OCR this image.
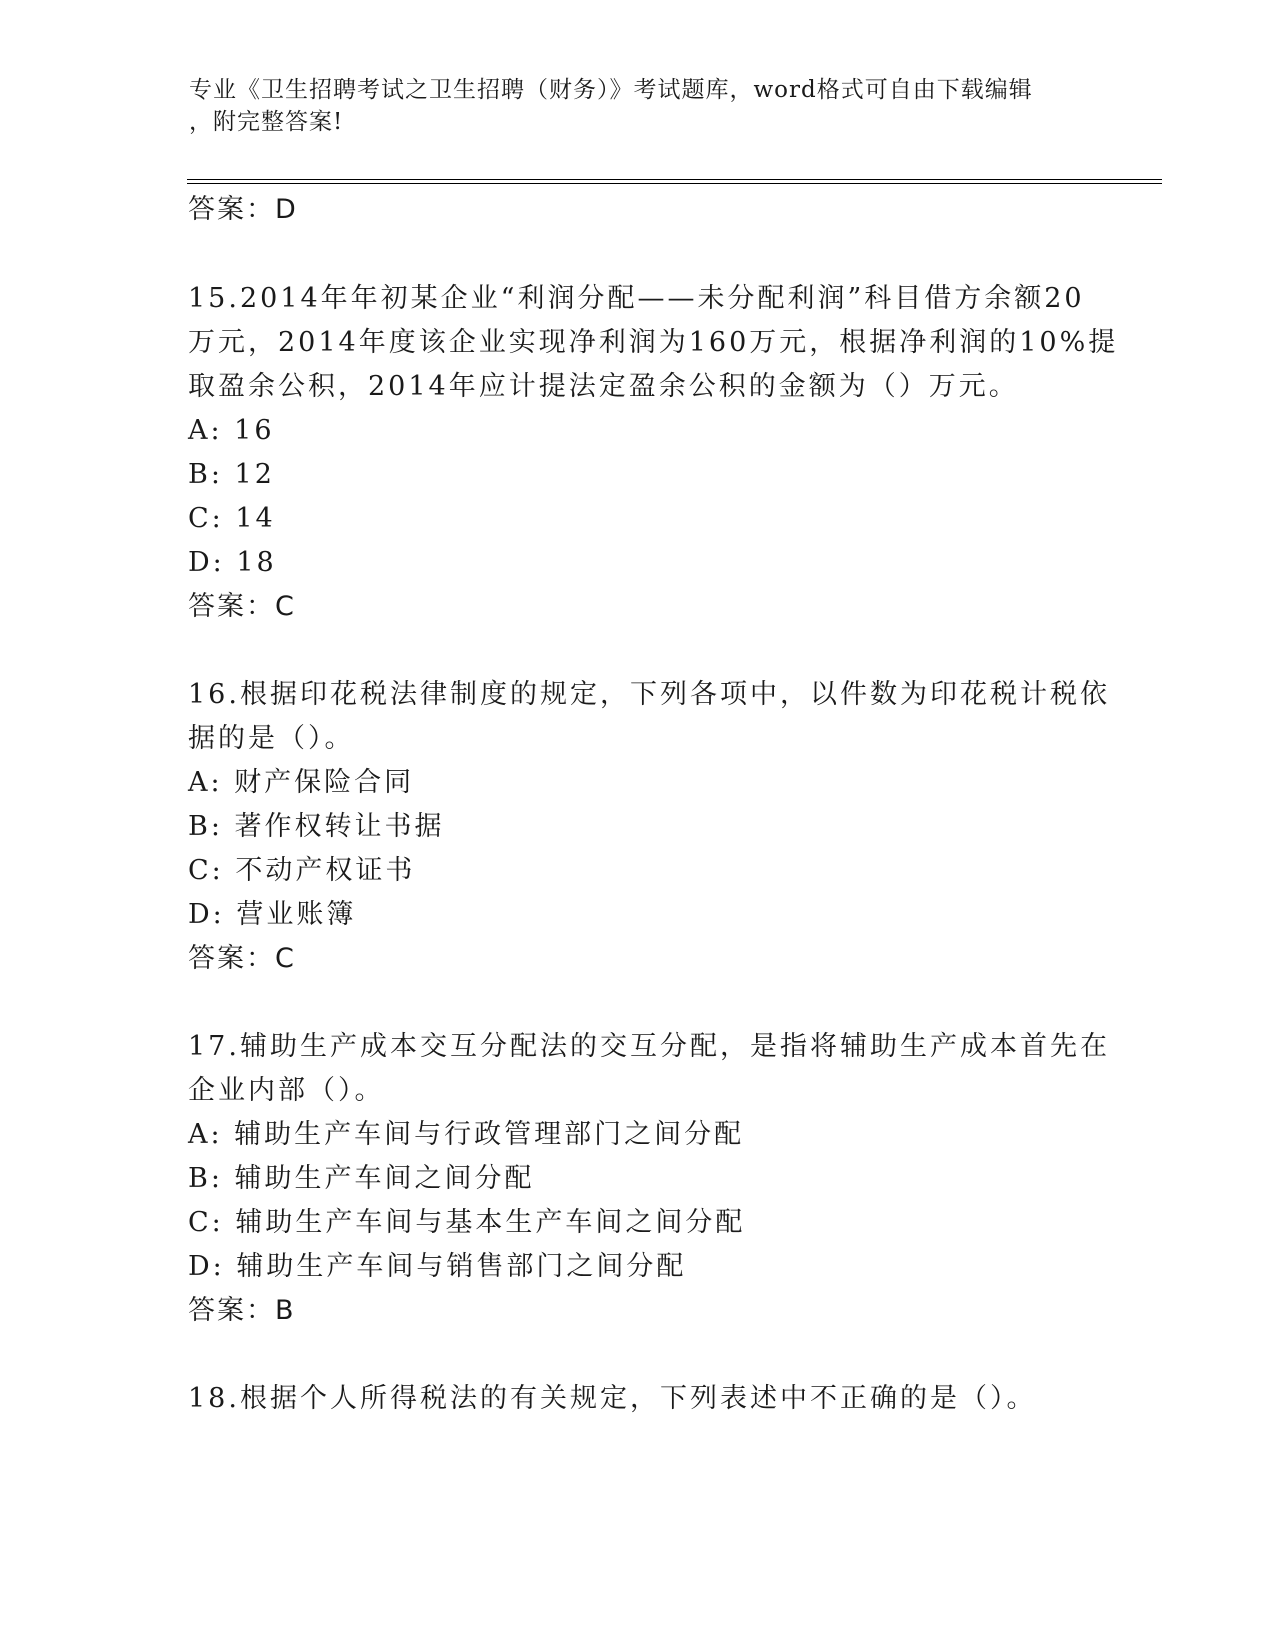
专业《卫生招聘考试之卫生招聘（财务）》考试题库，word格式可自由下载编辑
，附完整答案!
答案：D
15.2014年年初某企业“利润分配——未分配利润”科目借方余额20
万元，2014年度该企业实现净利润为160万元，根据净利润的10%提
取盈余公积，2014年应计提法定盈余公积的金额为（）万元。
A: 16
B: 12
C: 14
D: 18
答案：C
16.根据印花税法律制度的规定，下列各项中，以件数为印花税计税依
据的是（）。
A: 财产保险合同
B: 著作权转让书据
C: 不动产权证书
D: 营业账簿
答案：C
17.辅助生产成本交互分配法的交互分配，是指将辅助生产成本首先在
企业内部（）。
A: 辅助生产车间与行政管理部门之间分配
B: 辅助生产车间之间分配
C: 辅助生产车间与基本生产车间之间分配
D: 辅助生产车间与销售部门之间分配
答案：B
18.根据个人所得税法的有关规定，下列表述中不正确的是（）。
